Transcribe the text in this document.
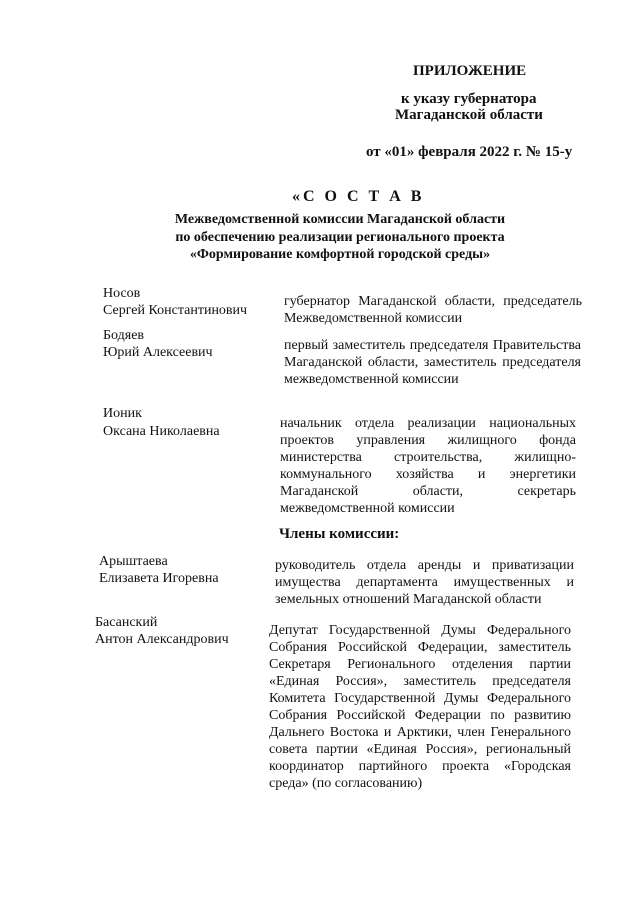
ПРИЛОЖЕНИЕ
к указу губернатора
Магаданской области
от «01» февраля 2022 г. № 15-у
«С О С Т А В
Межведомственной комиссии Магаданской области
по обеспечению реализации регионального проекта
«Формирование комфортной городской среды»
Носов
Сергей Константинович
губернатор Магаданской области, председатель Межведомственной комиссии
Бодяев
Юрий Алексеевич	первый заместитель председателя Правительства Магаданской области, заместитель председателя межведомственной комиссии
Ионик
Оксана Николаевна
начальник отдела реализации национальных проектов управления жилищного фонда министерства строительства, жилищно-коммунального хозяйства и энергетики Магаданской области, секретарь межведомственной комиссии
Члены комиссии:
Арыштаева
Елизавета Игоревна
руководитель отдела аренды и приватизации имущества департамента имущественных и земельных отношений Магаданской области
Басанский
Антон Александрович
Депутат Государственной Думы Федерального Собрания Российской Федерации, заместитель Секретаря Регионального отделения партии «Единая Россия», заместитель председателя Комитета Государственной Думы Федерального Собрания Российской Федерации по развитию Дальнего Востока и Арктики, член Генерального совета партии «Единая Россия», региональный координатор партийного проекта «Городская среда» (по согласованию)
